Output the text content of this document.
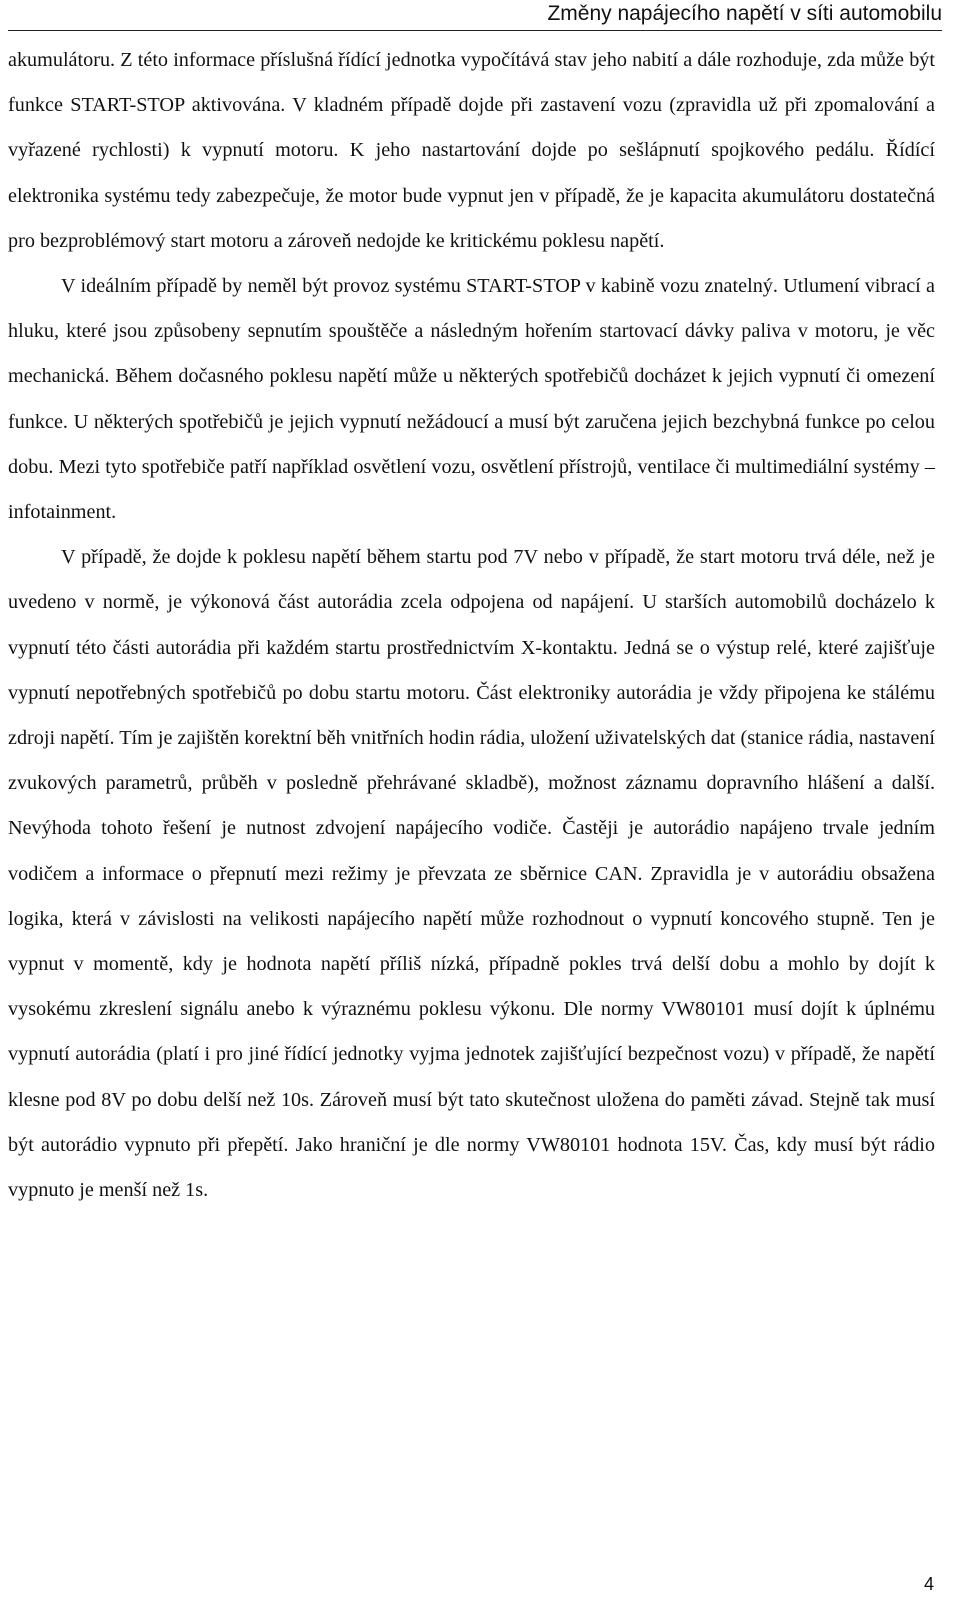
Změny napájecího napětí v síti automobilu

akumulátoru. Z této informace příslušná řídící jednotka vypočítává stav jeho nabití a dále rozhoduje, zda může být funkce START-STOP aktivována. V kladném případě dojde při zastavení vozu (zpravidla už při zpomalování a vyřazené rychlosti) k vypnutí motoru. K jeho nastartování dojde po sešlápnutí spojkového pedálu. Řídící elektronika systému tedy zabezpečuje, že motor bude vypnut jen v případě, že je kapacita akumulátoru dostatečná pro bezproblémový start motoru a zároveň nedojde ke kritickému poklesu napětí.

V ideálním případě by neměl být provoz systému START-STOP v kabině vozu znatelný. Utlumení vibrací a hluku, které jsou způsobeny sepnutím spouštěče a následným hořením startovací dávky paliva v motoru, je věc mechanická. Během dočasného poklesu napětí může u některých spotřebičů docházet k jejich vypnutí či omezení funkce. U některých spotřebičů je jejich vypnutí nežádoucí a musí být zaručena jejich bezchybná funkce po celou dobu. Mezi tyto spotřebiče patří například osvětlení vozu, osvětlení přístrojů, ventilace či multimediální systémy – infotainment.

V případě, že dojde k poklesu napětí během startu pod 7V nebo v případě, že start motoru trvá déle, než je uvedeno v normě, je výkonová část autorádia zcela odpojena od napájení. U starších automobilů docházelo k vypnutí této části autorádia při každém startu prostřednictvím X-kontaktu. Jedná se o výstup relé, které zajišťuje vypnutí nepotřebných spotřebičů po dobu startu motoru. Část elektroniky autorádia je vždy připojena ke stálému zdroji napětí. Tím je zajištěn korektní běh vnitřních hodin rádia, uložení uživatelských dat (stanice rádia, nastavení zvukových parametrů, průběh v posledně přehrávané skladbě), možnost záznamu dopravního hlášení a další. Nevýhoda tohoto řešení je nutnost zdvojení napájecího vodiče. Častěji je autorádio napájeno trvale jedním vodičem a informace o přepnutí mezi režimy je převzata ze sběrnice CAN. Zpravidla je v autorádiu obsažena logika, která v závislosti na velikosti napájecího napětí může rozhodnout o vypnutí koncového stupně. Ten je vypnut v momentě, kdy je hodnota napětí příliš nízká, případně pokles trvá delší dobu a mohlo by dojít k vysokému zkreslení signálu anebo k výraznému poklesu výkonu. Dle normy VW80101 musí dojít k úplnému vypnutí autorádia (platí i pro jiné řídící jednotky vyjma jednotek zajišťující bezpečnost vozu) v případě, že napětí klesne pod 8V po dobu delší než 10s. Zároveň musí být tato skutečnost uložena do paměti závad. Stejně tak musí být autorádio vypnuto při přepětí. Jako hraniční je dle normy VW80101 hodnota 15V. Čas, kdy musí být rádio vypnuto je menší než 1s.

4
